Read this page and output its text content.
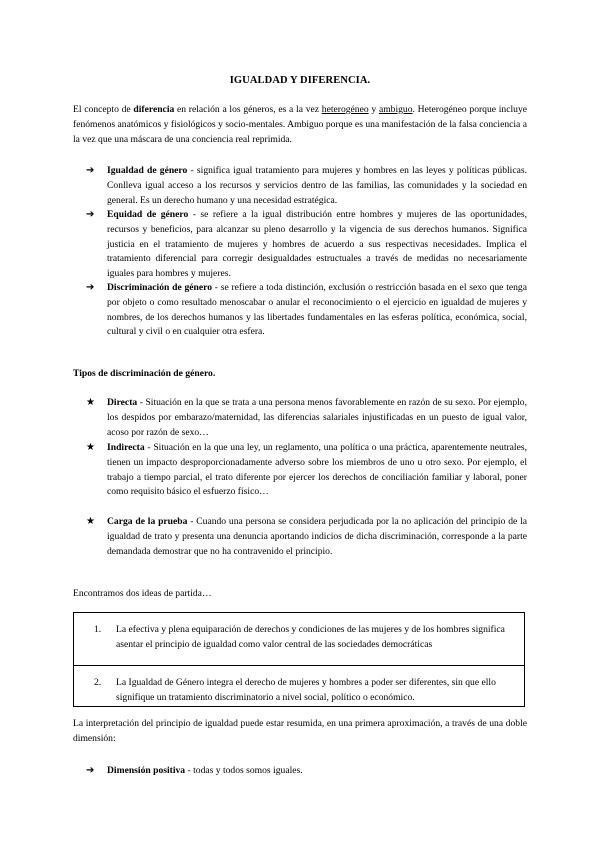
IGUALDAD Y DIFERENCIA.
El concepto de diferencia en relación a los géneros, es a la vez heterogéneo y ambiguo. Heterogéneo porque incluye fenómenos anatómicos y fisiológicos y socio-mentales. Ambiguo porque es una manifestación de la falsa conciencia a la vez que una máscara de una conciencia real reprimida.
➔	Igualdad de género - significa igual tratamiento para mujeres y hombres en las leyes y políticas públicas. Conlleva igual acceso a los recursos y servicios dentro de las familias, las comunidades y la sociedad en general. Es un derecho humano y una necesidad estratégica.
➔	Equidad de género - se refiere a la igual distribución entre hombres y mujeres de las oportunidades, recursos y beneficios, para alcanzar su pleno desarrollo y la vigencia de sus derechos humanos. Significa justicia en el tratamiento de mujeres y hombres de acuerdo a sus respectivas necesidades. Implica el tratamiento diferencial para corregir desigualdades estructuales a través de medidas no necesariamente iguales para hombres y mujeres.
➔	Discriminación de género - se refiere a toda distinción, exclusión o restricción basada en el sexo que tenga por objeto o como resultado menoscabar o anular el reconocimiento o el ejercicio en igualdad de mujeres y nombres, de los derechos humanos y las libertades fundamentales en las esferas política, económica, social, cultural y civil o en cualquier otra esfera.
Tipos de discriminación de género.
★	Directa - Situación en la que se trata a una persona menos favorablemente en razón de su sexo. Por ejemplo, los despidos por embarazo/maternidad, las diferencias salariales injustificadas en un puesto de igual valor, acoso por razón de sexo…
★	Indirecta - Situación en la que una ley, un reglamento, una política o una práctica, aparentemente neutrales, tienen un impacto desproporcionadamente adverso sobre los miembros de uno u otro sexo. Por ejemplo, el trabajo a tiempo parcial, el trato diferente por ejercer los derechos de conciliación familiar y laboral, poner como requisito básico el esfuerzo físico…
★	Carga de la prueba - Cuando una persona se considera perjudicada por la no aplicación del principio de la igualdad de trato y presenta una denuncia aportando indicios de dicha discriminación, corresponde a la parte demandada demostrar que no ha contravenido el principio.
Encontramos dos ideas de partida…
1. La efectiva y plena equiparación de derechos y condiciones de las mujeres y de los hombres significa asentar el principio de igualdad como valor central de las sociedades democráticas
2. La Igualdad de Género integra el derecho de mujeres y hombres a poder ser diferentes, sin que ello signifique un tratamiento discriminatorio a nivel social, político o económico.
La interpretación del principio de igualdad puede estar resumida, en una primera aproximación, a través de una doble dimensión:
➔	Dimensión positiva - todas y todos somos iguales.
